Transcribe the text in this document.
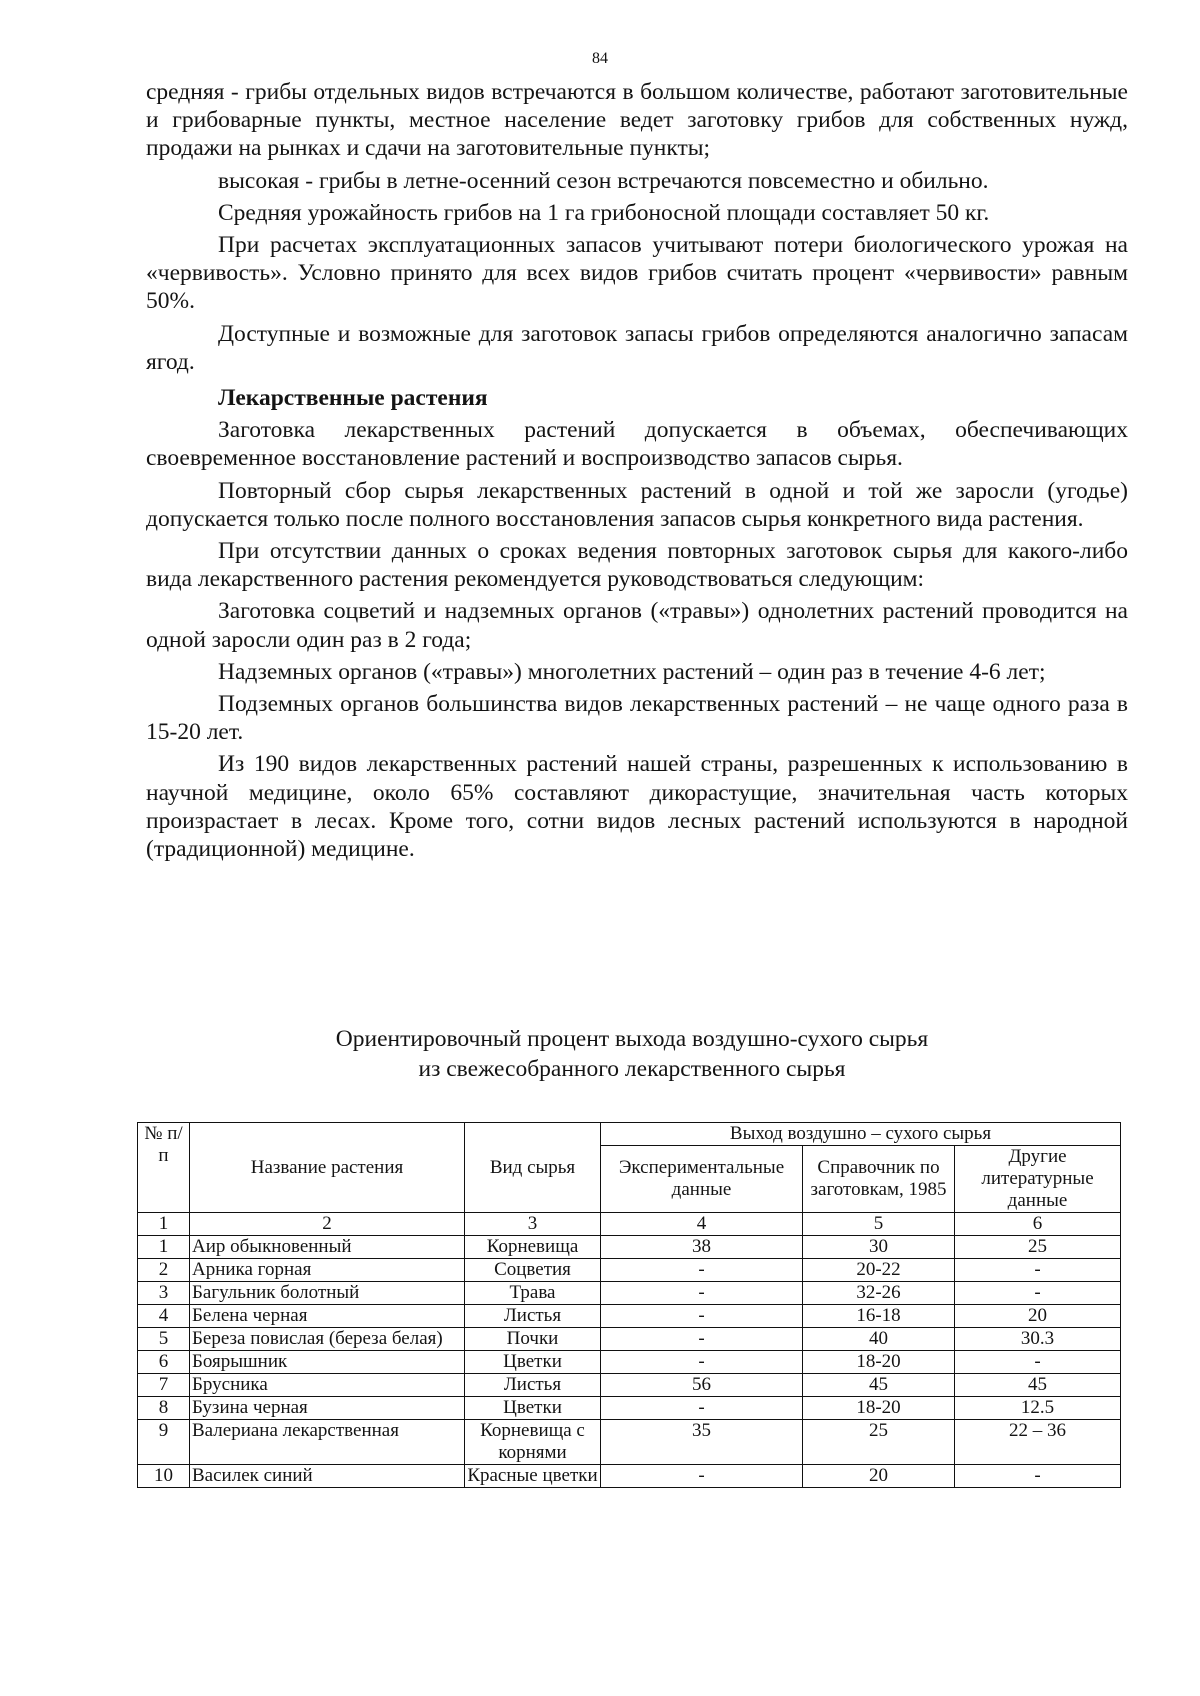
84

средняя - грибы отдельных видов встречаются в большом количестве, работают заготовительные и грибоварные пункты, местное население ведет заготовку грибов для собственных нужд, продажи на рынках и сдачи на заготовительные пункты;

высокая - грибы в летне-осенний сезон встречаются повсеместно и обильно.

Средняя урожайность грибов на 1 га грибоносной площади составляет 50 кг.

При расчетах эксплуатационных запасов учитывают потери биологического урожая на «червивость». Условно принято для всех видов грибов считать процент «червивости» равным 50%.

Доступные и возможные для заготовок запасы грибов определяются аналогично запасам ягод.

Лекарственные растения

Заготовка лекарственных растений допускается в объемах, обеспечивающих своевременное восстановление растений и воспроизводство запасов сырья.

Повторный сбор сырья лекарственных растений в одной и той же заросли (угодье) допускается только после полного восстановления запасов сырья конкретного вида растения.

При отсутствии данных о сроках ведения повторных заготовок сырья для какого-либо вида лекарственного растения рекомендуется руководствоваться следующим:

Заготовка соцветий и надземных органов («травы») однолетних растений проводится на одной заросли один раз в 2 года;

Надземных органов («травы») многолетних растений – один раз в течение 4-6 лет;

Подземных органов большинства видов лекарственных растений – не чаще одного раза в 15-20 лет.

Из 190 видов лекарственных растений нашей страны, разрешенных к использованию в научной медицине, около 65% составляют дикорастущие, значительная часть которых произрастает в лесах. Кроме того, сотни видов лесных растений используются в народной (традиционной) медицине.

Ориентировочный процент выхода воздушно-сухого сырья
из свежесобранного лекарственного сырья
№ п/п	Название растения	Вид сырья	Выход воздушно – сухого сырья		
			Экспериментальные данные	Справочник по заготовкам, 1985	Другие литературные данные
1	2	3	4	5	6
1	Аир обыкновенный	Корневища	38	30	25
2	Арника горная	Соцветия	-	20-22	-
3	Багульник болотный	Трава	-	32-26	-
4	Белена черная	Листья	-	16-18	20
5	Береза повислая (береза белая)	Почки	-	40	30.3
6	Боярышник	Цветки	-	18-20	-
7	Брусника	Листья	56	45	45
8	Бузина черная	Цветки	-	18-20	12.5
9	Валериана лекарственная	Корневища с корнями	35	25	22 – 36
10	Василек синий	Красные цветки	-	20	-
